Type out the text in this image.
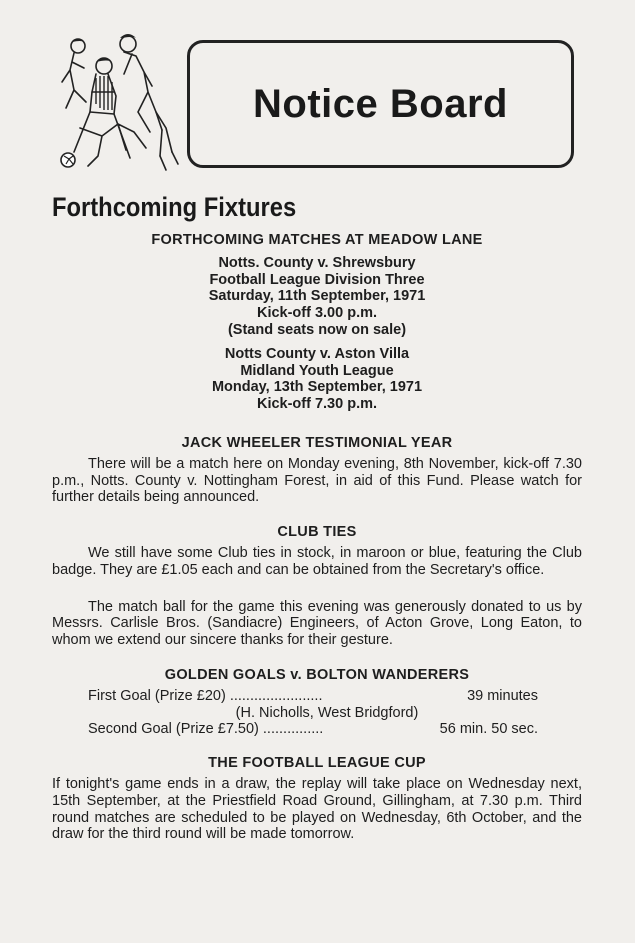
Notice Board
Forthcoming Fixtures
FORTHCOMING MATCHES AT MEADOW LANE
Notts. County v. Shrewsbury
Football League Division Three
Saturday, 11th September, 1971
Kick-off 3.00 p.m.
(Stand seats now on sale)
Notts County v. Aston Villa
Midland Youth League
Monday, 13th September, 1971
Kick-off 7.30 p.m.
JACK WHEELER TESTIMONIAL YEAR
There will be a match here on Monday evening, 8th November, kick-off 7.30 p.m., Notts. County v. Nottingham Forest, in aid of this Fund. Please watch for further details being announced.
CLUB TIES
We still have some Club ties in stock, in maroon or blue, featuring the Club badge. They are £1.05 each and can be obtained from the Secretary's office.
The match ball for the game this evening was generously donated to us by Messrs. Carlisle Bros. (Sandiacre) Engineers, of Acton Grove, Long Eaton, to whom we extend our sincere thanks for their gesture.
GOLDEN GOALS v. BOLTON WANDERERS
First Goal (Prize £20) .......................	39 minutes
(H. Nicholls, West Bridgford)
Second Goal (Prize £7.50) ...............	56 min. 50 sec.
THE FOOTBALL LEAGUE CUP
If tonight's game ends in a draw, the replay will take place on Wednesday next, 15th September, at the Priestfield Road Ground, Gillingham, at 7.30 p.m. Third round matches are scheduled to be played on Wednesday, 6th October, and the draw for the third round will be made tomorrow.
